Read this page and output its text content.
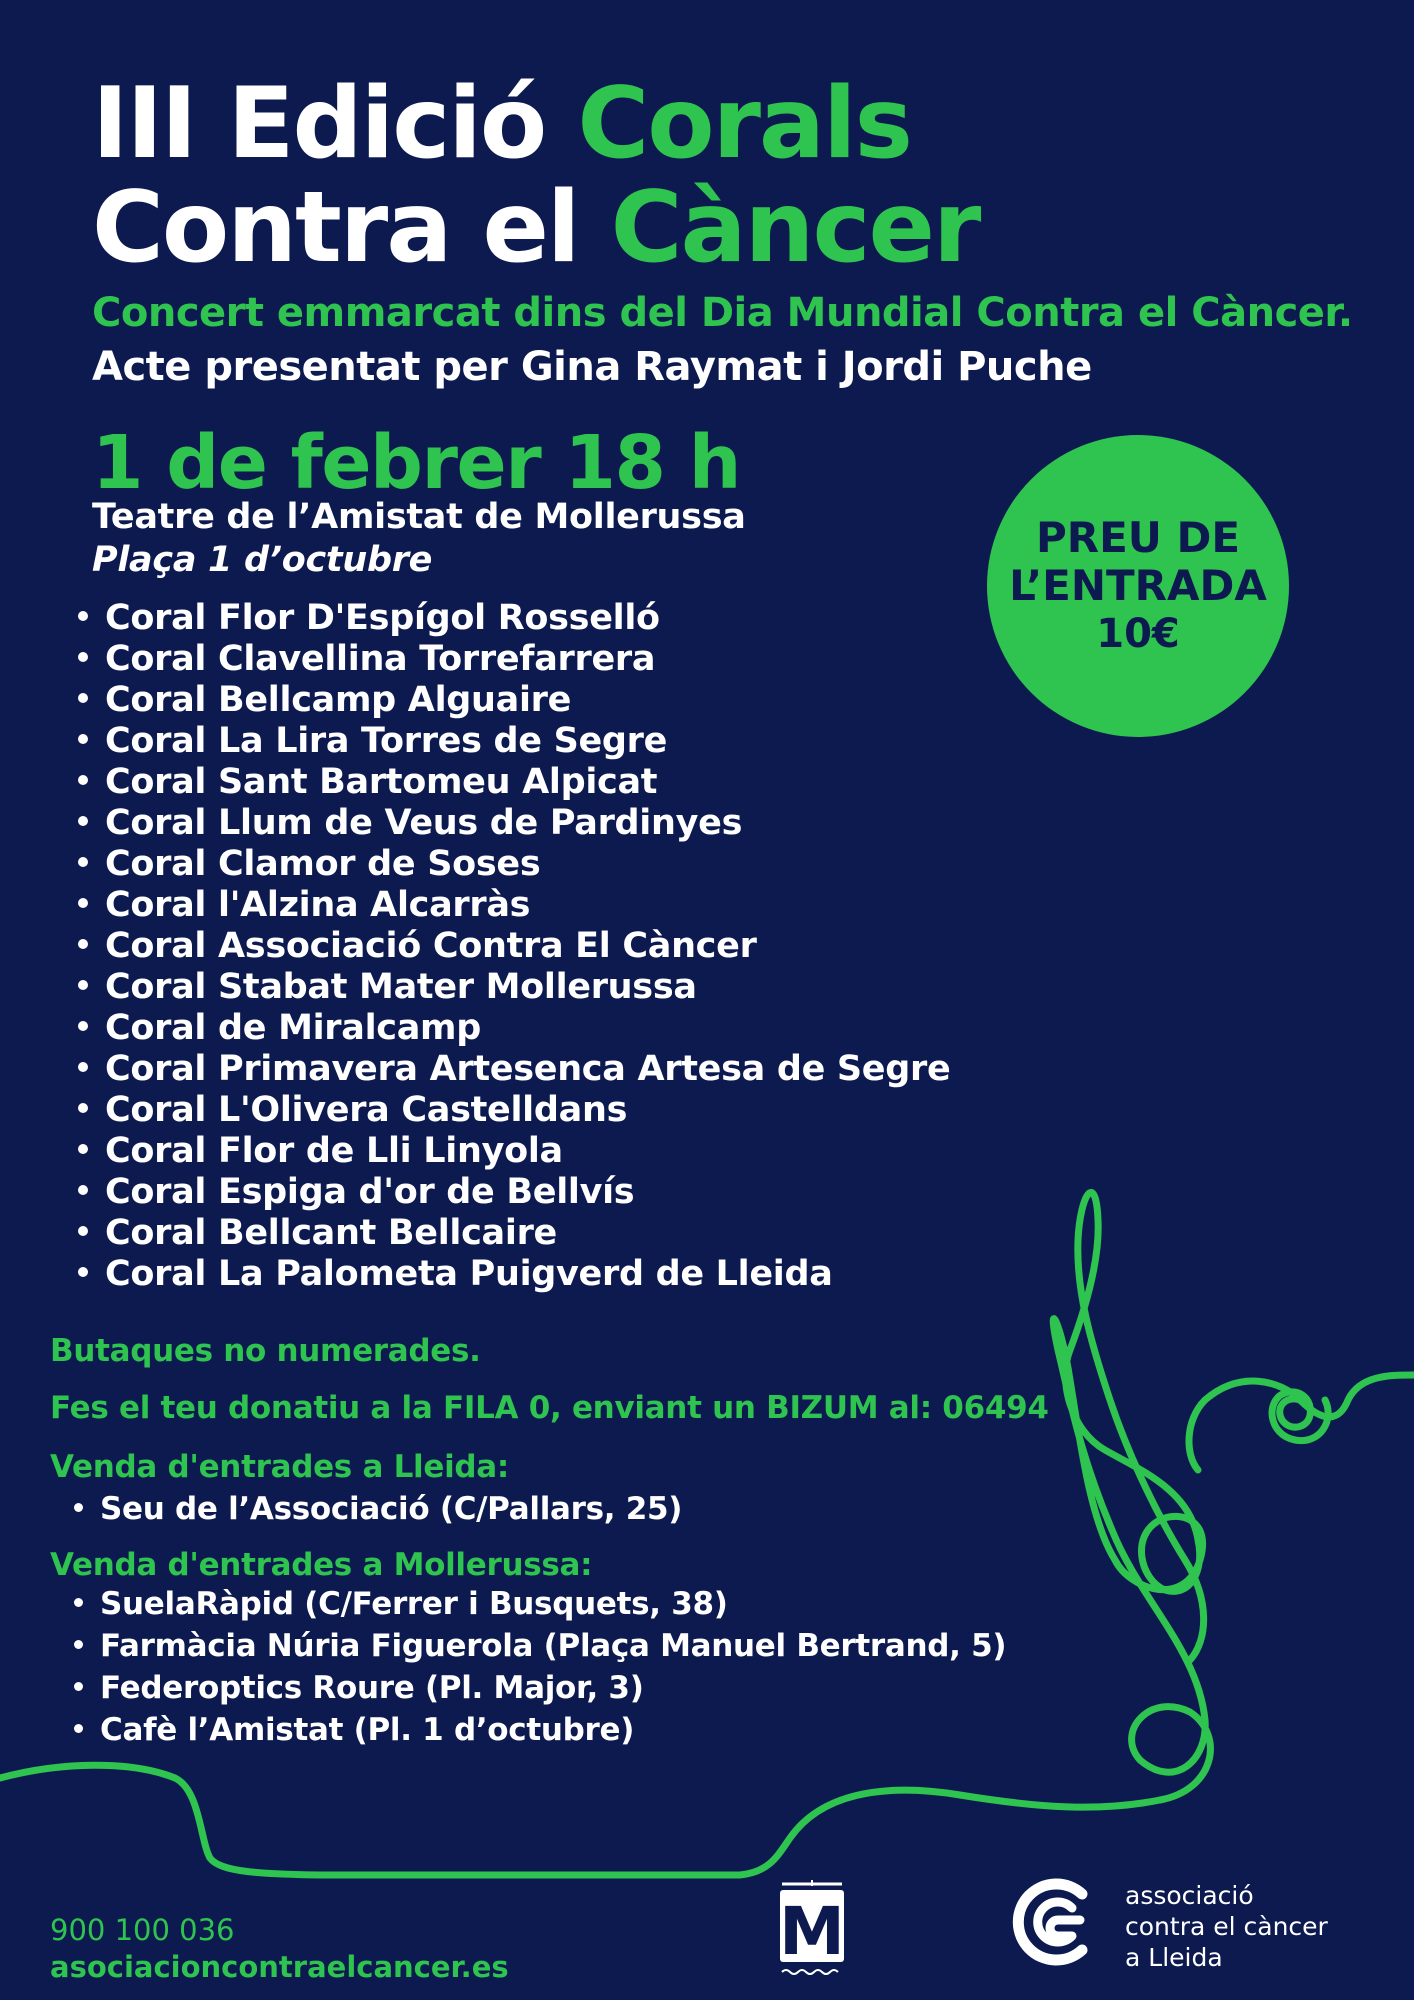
III Edició Corals
Contra el Càncer
Concert emmarcat dins del Dia Mundial Contra el Càncer.
Acte presentat per Gina Raymat i Jordi Puche
1 de febrer 18 h
Teatre de l’Amistat de Mollerussa
Plaça 1 d’octubre	PREU DE
L’ENTRADA
10€
Coral Flor D'Espígol Rosselló
Coral Clavellina Torrefarrera
Coral Bellcamp Alguaire
Coral La Lira Torres de Segre
Coral Sant Bartomeu Alpicat
Coral Llum de Veus de Pardinyes
Coral Clamor de Soses
Coral l'Alzina Alcarràs
Coral Associació Contra El Càncer
Coral Stabat Mater Mollerussa
Coral de Miralcamp
Coral Primavera Artesenca Artesa de Segre
Coral L'Olivera Castelldans
Coral Flor de Lli Linyola
Coral Espiga d'or de Bellvís
Coral Bellcant Bellcaire
Coral La Palometa Puigverd de Lleida
Butaques no numerades.
Fes el teu donatiu a la FILA 0, enviant un BIZUM al: 06494
Venda d'entrades a Lleida:
Seu de l’Associació (C/Pallars, 25)
Venda d'entrades a Mollerussa:
SuelaRàpid (C/Ferrer i Busquets, 38)
Farmàcia Núria Figuerola (Plaça Manuel Bertrand, 5)
Federoptics Roure (Pl. Major, 3)
Cafè l’Amistat (Pl. 1 d’octubre)
900 100 036
asociacioncontraelcancer.es	M	associació
contra el càncer
a Lleida
